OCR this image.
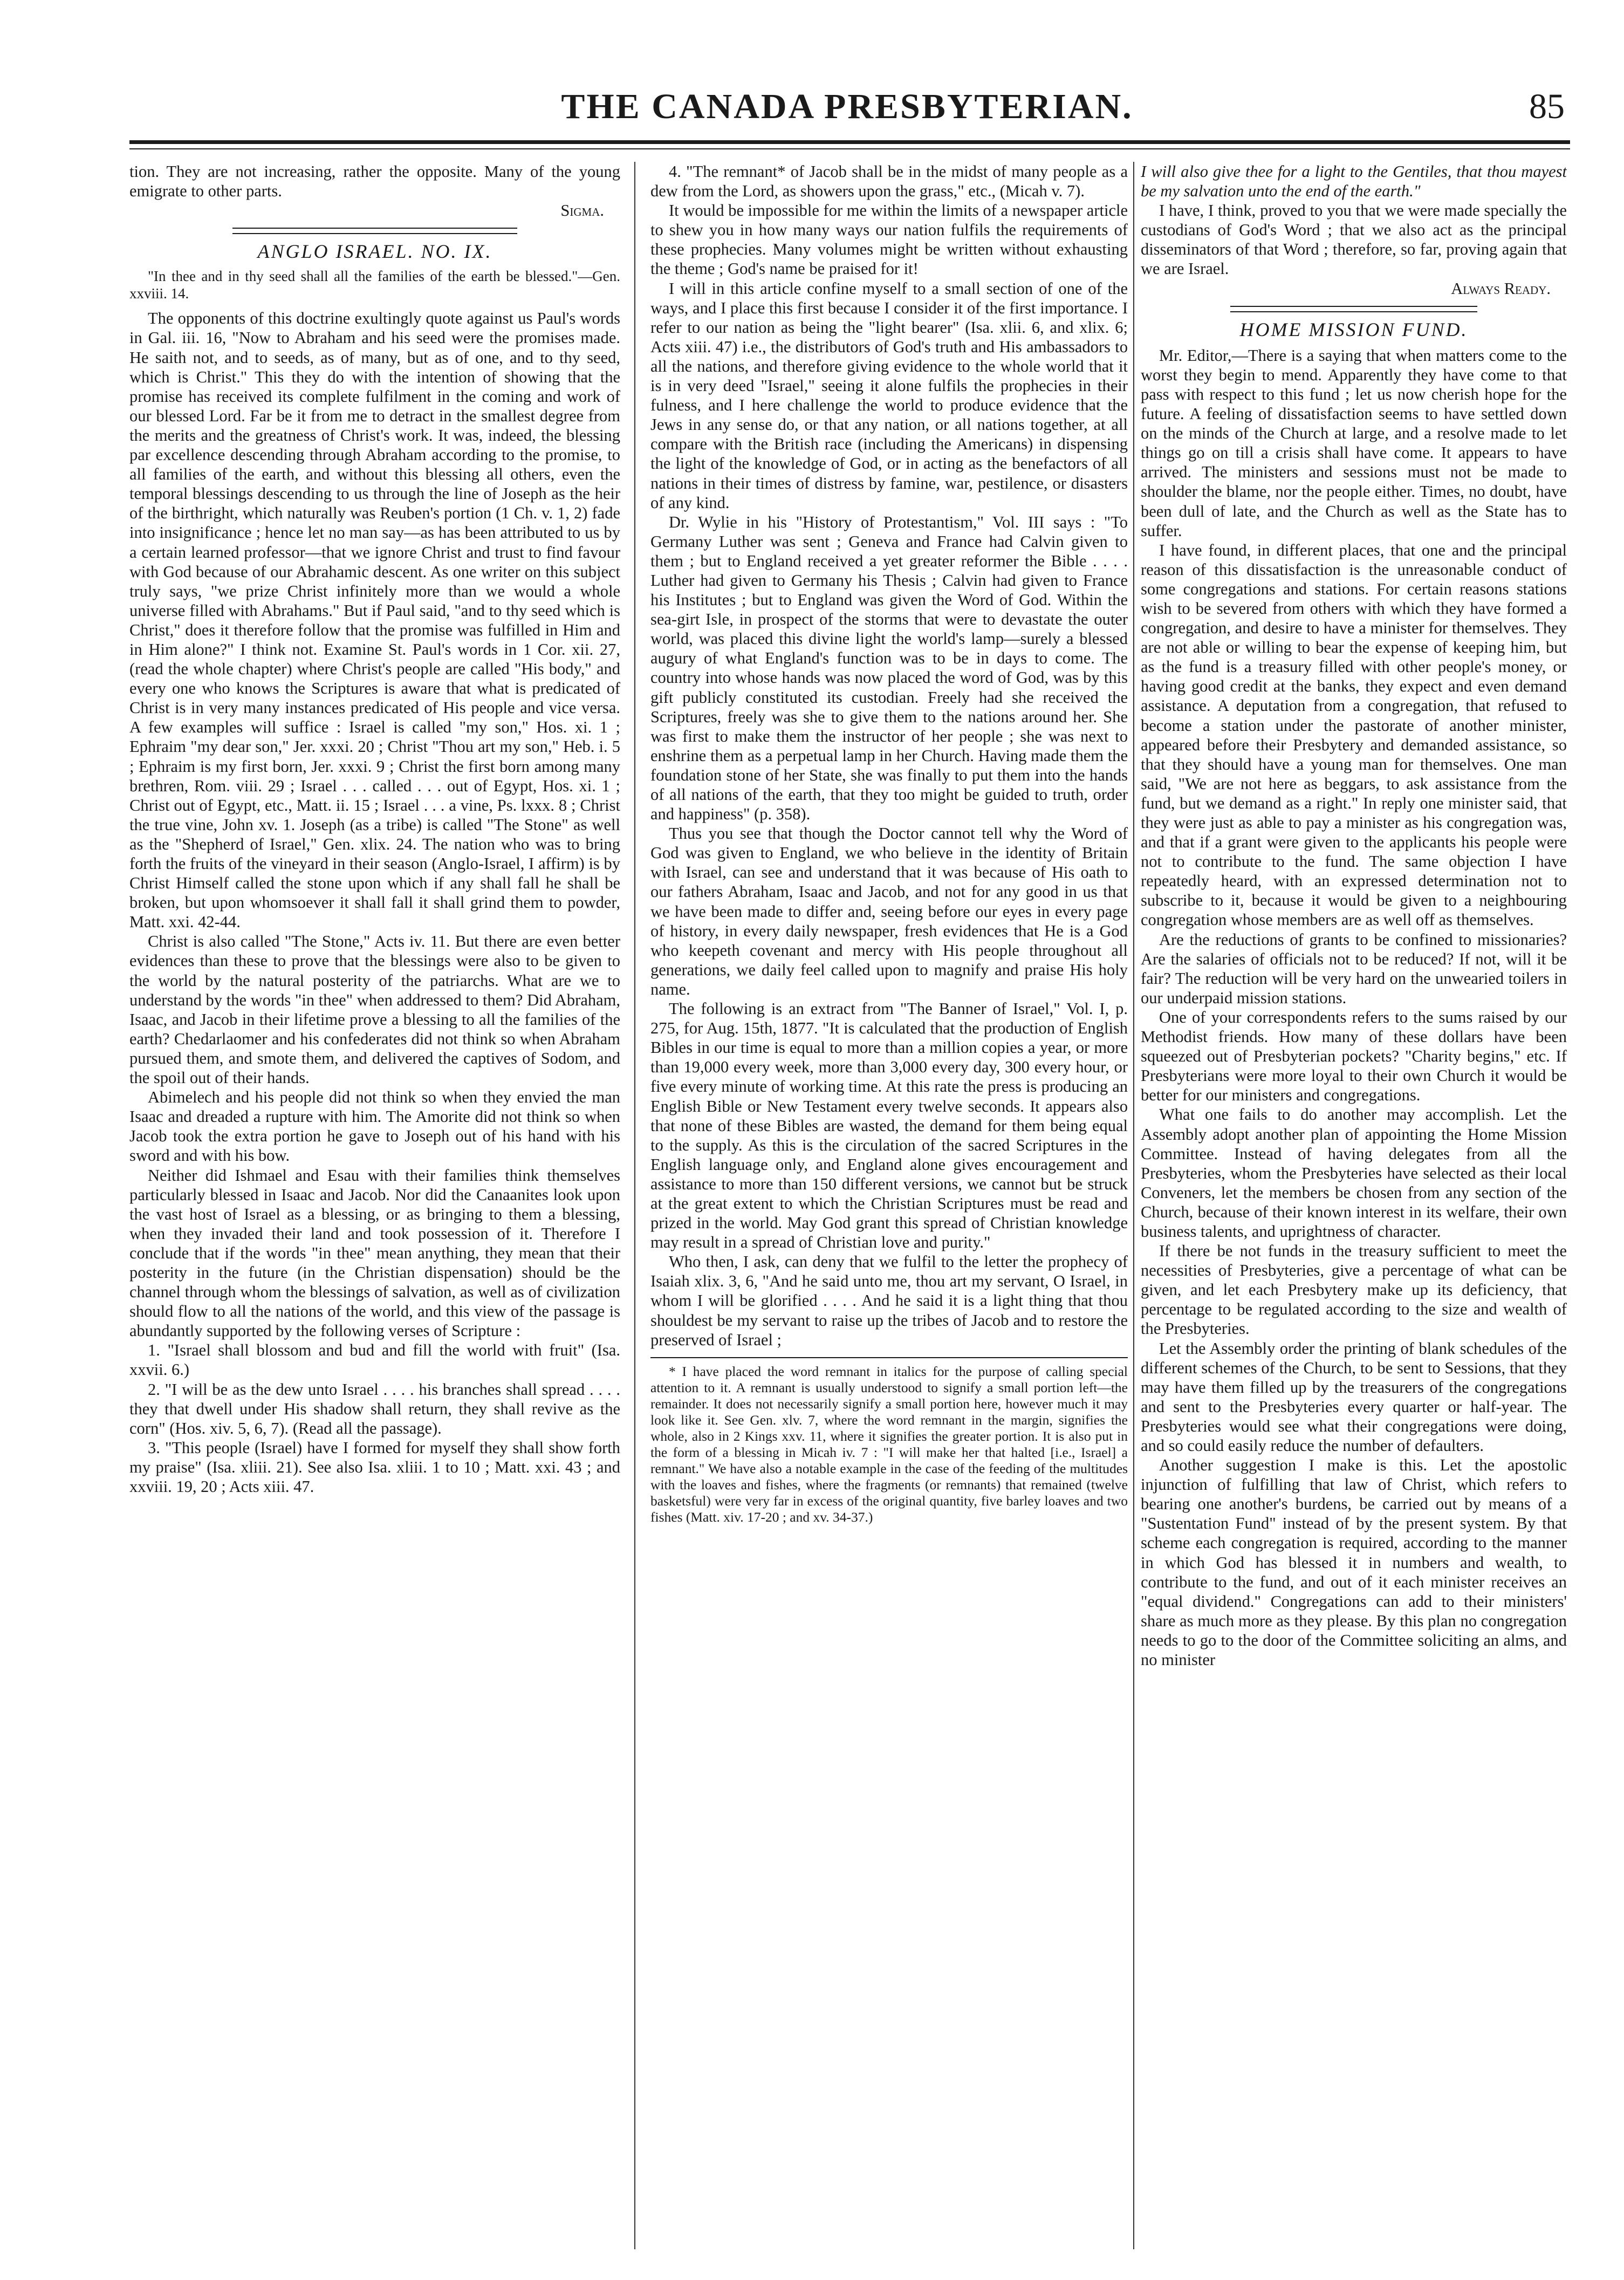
THE CANADA PRESBYTERIAN.	85

tion. They are not increasing, rather the opposite. Many of the young emigrate to other parts.

Sigma.

ANGLO ISRAEL. NO. IX.

"In thee and in thy seed shall all the families of the earth be blessed."—Gen. xxviii. 14.

The opponents of this doctrine exultingly quote against us Paul's words in Gal. iii. 16, "Now to Abraham and his seed were the promises made. He saith not, and to seeds, as of many, but as of one, and to thy seed, which is Christ." This they do with the intention of showing that the promise has received its complete fulfilment in the coming and work of our blessed Lord. Far be it from me to detract in the smallest degree from the merits and the greatness of Christ's work. It was, indeed, the blessing par excellence descending through Abraham according to the promise, to all families of the earth, and without this blessing all others, even the temporal blessings descending to us through the line of Joseph as the heir of the birthright, which naturally was Reuben's portion (1 Ch. v. 1, 2) fade into insignificance ; hence let no man say—as has been attributed to us by a certain learned professor—that we ignore Christ and trust to find favour with God because of our Abrahamic descent. As one writer on this subject truly says, "we prize Christ infinitely more than we would a whole universe filled with Abrahams." But if Paul said, "and to thy seed which is Christ," does it therefore follow that the promise was fulfilled in Him and in Him alone?" I think not. Examine St. Paul's words in 1 Cor. xii. 27, (read the whole chapter) where Christ's people are called "His body," and every one who knows the Scriptures is aware that what is predicated of Christ is in very many instances predicated of His people and vice versa. A few examples will suffice : Israel is called "my son," Hos. xi. 1 ; Ephraim "my dear son," Jer. xxxi. 20 ; Christ "Thou art my son," Heb. i. 5 ; Ephraim is my first born, Jer. xxxi. 9 ; Christ the first born among many brethren, Rom. viii. 29 ; Israel . . . called . . . out of Egypt, Hos. xi. 1 ; Christ out of Egypt, etc., Matt. ii. 15 ; Israel . . . a vine, Ps. lxxx. 8 ; Christ the true vine, John xv. 1. Joseph (as a tribe) is called "The Stone" as well as the "Shepherd of Israel," Gen. xlix. 24. The nation who was to bring forth the fruits of the vineyard in their season (Anglo-Israel, I affirm) is by Christ Himself called the stone upon which if any shall fall he shall be broken, but upon whomsoever it shall fall it shall grind them to powder, Matt. xxi. 42-44.

Christ is also called "The Stone," Acts iv. 11. But there are even better evidences than these to prove that the blessings were also to be given to the world by the natural posterity of the patriarchs. What are we to understand by the words "in thee" when addressed to them? Did Abraham, Isaac, and Jacob in their lifetime prove a blessing to all the families of the earth? Chedarlaomer and his confederates did not think so when Abraham pursued them, and smote them, and delivered the captives of Sodom, and the spoil out of their hands.

Abimelech and his people did not think so when they envied the man Isaac and dreaded a rupture with him. The Amorite did not think so when Jacob took the extra portion he gave to Joseph out of his hand with his sword and with his bow.

Neither did Ishmael and Esau with their families think themselves particularly blessed in Isaac and Jacob. Nor did the Canaanites look upon the vast host of Israel as a blessing, or as bringing to them a blessing, when they invaded their land and took possession of it. Therefore I conclude that if the words "in thee" mean anything, they mean that their posterity in the future (in the Christian dispensation) should be the channel through whom the blessings of salvation, as well as of civilization should flow to all the nations of the world, and this view of the passage is abundantly supported by the following verses of Scripture :

1. "Israel shall blossom and bud and fill the world with fruit" (Isa. xxvii. 6.)

2. "I will be as the dew unto Israel . . . . his branches shall spread . . . . they that dwell under His shadow shall return, they shall revive as the corn" (Hos. xiv. 5, 6, 7). (Read all the passage).

3. "This people (Israel) have I formed for myself they shall show forth my praise" (Isa. xliii. 21). See also Isa. xliii. 1 to 10 ; Matt. xxi. 43 ; and xxviii. 19, 20 ; Acts xiii. 47.

4. "The remnant* of Jacob shall be in the midst of many people as a dew from the Lord, as showers upon the grass," etc., (Micah v. 7).

It would be impossible for me within the limits of a newspaper article to shew you in how many ways our nation fulfils the requirements of these prophecies. Many volumes might be written without exhausting the theme ; God's name be praised for it!

I will in this article confine myself to a small section of one of the ways, and I place this first because I consider it of the first importance. I refer to our nation as being the "light bearer" (Isa. xlii. 6, and xlix. 6; Acts xiii. 47) i.e., the distributors of God's truth and His ambassadors to all the nations, and therefore giving evidence to the whole world that it is in very deed "Israel," seeing it alone fulfils the prophecies in their fulness, and I here challenge the world to produce evidence that the Jews in any sense do, or that any nation, or all nations together, at all compare with the British race (including the Americans) in dispensing the light of the knowledge of God, or in acting as the benefactors of all nations in their times of distress by famine, war, pestilence, or disasters of any kind.

Dr. Wylie in his "History of Protestantism," Vol. III says : "To Germany Luther was sent ; Geneva and France had Calvin given to them ; but to England received a yet greater reformer the Bible . . . . Luther had given to Germany his Thesis ; Calvin had given to France his Institutes ; but to England was given the Word of God. Within the sea-girt Isle, in prospect of the storms that were to devastate the outer world, was placed this divine light the world's lamp—surely a blessed augury of what England's function was to be in days to come. The country into whose hands was now placed the word of God, was by this gift publicly constituted its custodian. Freely had she received the Scriptures, freely was she to give them to the nations around her. She was first to make them the instructor of her people ; she was next to enshrine them as a perpetual lamp in her Church. Having made them the foundation stone of her State, she was finally to put them into the hands of all nations of the earth, that they too might be guided to truth, order and happiness" (p. 358).

Thus you see that though the Doctor cannot tell why the Word of God was given to England, we who believe in the identity of Britain with Israel, can see and understand that it was because of His oath to our fathers Abraham, Isaac and Jacob, and not for any good in us that we have been made to differ and, seeing before our eyes in every page of history, in every daily newspaper, fresh evidences that He is a God who keepeth covenant and mercy with His people throughout all generations, we daily feel called upon to magnify and praise His holy name.

The following is an extract from "The Banner of Israel," Vol. I, p. 275, for Aug. 15th, 1877. "It is calculated that the production of English Bibles in our time is equal to more than a million copies a year, or more than 19,000 every week, more than 3,000 every day, 300 every hour, or five every minute of working time. At this rate the press is producing an English Bible or New Testament every twelve seconds. It appears also that none of these Bibles are wasted, the demand for them being equal to the supply. As this is the circulation of the sacred Scriptures in the English language only, and England alone gives encouragement and assistance to more than 150 different versions, we cannot but be struck at the great extent to which the Christian Scriptures must be read and prized in the world. May God grant this spread of Christian knowledge may result in a spread of Christian love and purity."

Who then, I ask, can deny that we fulfil to the letter the prophecy of Isaiah xlix. 3, 6, "And he said unto me, thou art my servant, O Israel, in whom I will be glorified . . . . And he said it is a light thing that thou shouldest be my servant to raise up the tribes of Jacob and to restore the preserved of Israel ;

* I have placed the word remnant in italics for the purpose of calling special attention to it. A remnant is usually understood to signify a small portion left—the remainder. It does not necessarily signify a small portion here, however much it may look like it. See Gen. xlv. 7, where the word remnant in the margin, signifies the whole, also in 2 Kings xxv. 11, where it signifies the greater portion. It is also put in the form of a blessing in Micah iv. 7 : "I will make her that halted [i.e., Israel] a remnant." We have also a notable example in the case of the feeding of the multitudes with the loaves and fishes, where the fragments (or remnants) that remained (twelve basketsful) were very far in excess of the original quantity, five barley loaves and two fishes (Matt. xiv. 17-20 ; and xv. 34-37.)

I will also give thee for a light to the Gentiles, that thou mayest be my salvation unto the end of the earth."

I have, I think, proved to you that we were made specially the custodians of God's Word ; that we also act as the principal disseminators of that Word ; therefore, so far, proving again that we are Israel.

Always Ready.

HOME MISSION FUND.

Mr. Editor,—There is a saying that when matters come to the worst they begin to mend. Apparently they have come to that pass with respect to this fund ; let us now cherish hope for the future. A feeling of dissatisfaction seems to have settled down on the minds of the Church at large, and a resolve made to let things go on till a crisis shall have come. It appears to have arrived. The ministers and sessions must not be made to shoulder the blame, nor the people either. Times, no doubt, have been dull of late, and the Church as well as the State has to suffer.

I have found, in different places, that one and the principal reason of this dissatisfaction is the unreasonable conduct of some congregations and stations. For certain reasons stations wish to be severed from others with which they have formed a congregation, and desire to have a minister for themselves. They are not able or willing to bear the expense of keeping him, but as the fund is a treasury filled with other people's money, or having good credit at the banks, they expect and even demand assistance. A deputation from a congregation, that refused to become a station under the pastorate of another minister, appeared before their Presbytery and demanded assistance, so that they should have a young man for themselves. One man said, "We are not here as beggars, to ask assistance from the fund, but we demand as a right." In reply one minister said, that they were just as able to pay a minister as his congregation was, and that if a grant were given to the applicants his people were not to contribute to the fund. The same objection I have repeatedly heard, with an expressed determination not to subscribe to it, because it would be given to a neighbouring congregation whose members are as well off as themselves.

Are the reductions of grants to be confined to missionaries? Are the salaries of officials not to be reduced? If not, will it be fair? The reduction will be very hard on the unwearied toilers in our underpaid mission stations.

One of your correspondents refers to the sums raised by our Methodist friends. How many of these dollars have been squeezed out of Presbyterian pockets? "Charity begins," etc. If Presbyterians were more loyal to their own Church it would be better for our ministers and congregations.

What one fails to do another may accomplish. Let the Assembly adopt another plan of appointing the Home Mission Committee. Instead of having delegates from all the Presbyteries, whom the Presbyteries have selected as their local Conveners, let the members be chosen from any section of the Church, because of their known interest in its welfare, their own business talents, and uprightness of character.

If there be not funds in the treasury sufficient to meet the necessities of Presbyteries, give a percentage of what can be given, and let each Presbytery make up its deficiency, that percentage to be regulated according to the size and wealth of the Presbyteries.

Let the Assembly order the printing of blank schedules of the different schemes of the Church, to be sent to Sessions, that they may have them filled up by the treasurers of the congregations and sent to the Presbyteries every quarter or half-year. The Presbyteries would see what their congregations were doing, and so could easily reduce the number of defaulters.

Another suggestion I make is this. Let the apostolic injunction of fulfilling that law of Christ, which refers to bearing one another's burdens, be carried out by means of a "Sustentation Fund" instead of by the present system. By that scheme each congregation is required, according to the manner in which God has blessed it in numbers and wealth, to contribute to the fund, and out of it each minister receives an "equal dividend." Congregations can add to their ministers' share as much more as they please. By this plan no congregation needs to go to the door of the Committee soliciting an alms, and no minister
